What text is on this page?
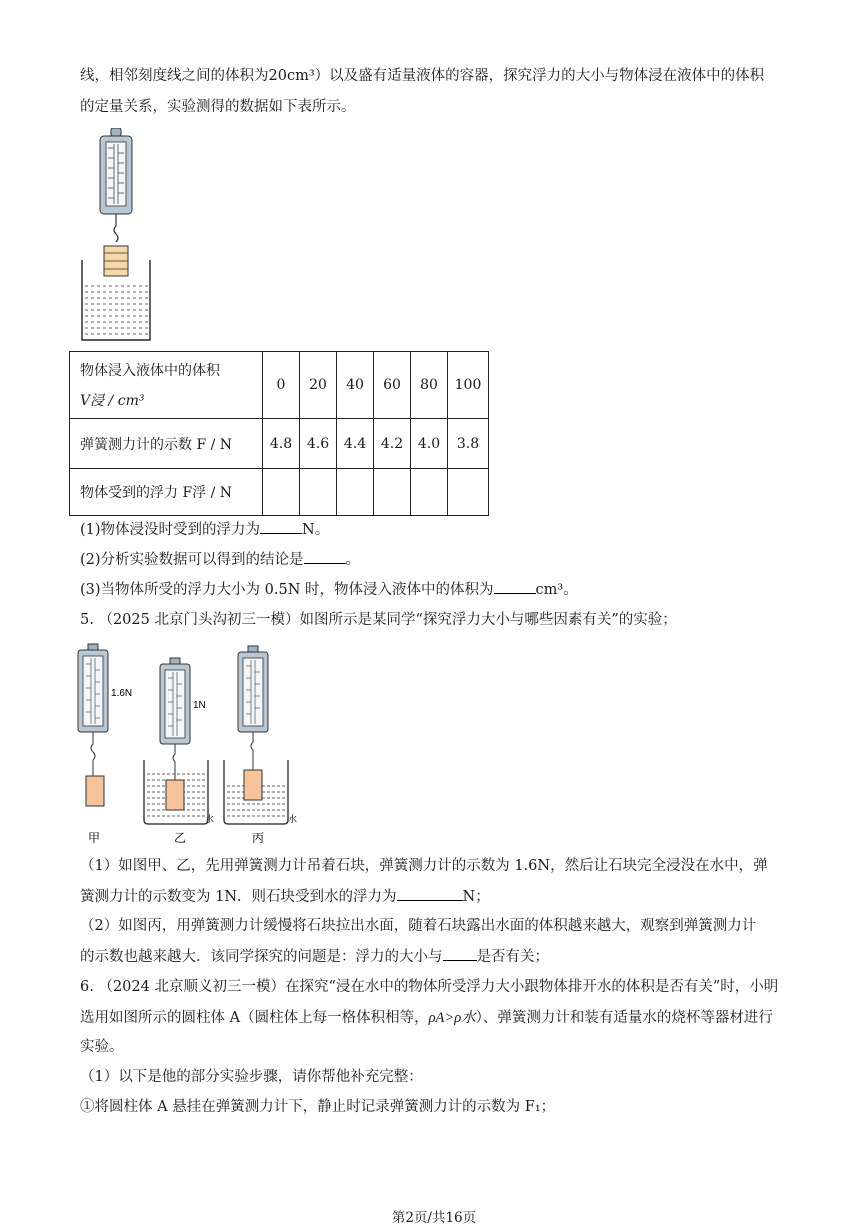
线，相邻刻度线之间的体积为20cm³）以及盛有适量液体的容器，探究浮力的大小与物体浸在液体中的体积
的定量关系，实验测得的数据如下表所示。
物体浸入液体中的体积
V浸 / cm³	0	20	40	60	80	100
弹簧测力计的示数 F / N	4.8	4.6	4.4	4.2	4.0	3.8
物体受到的浮力 F浮 / N						
(1)物体浸没时受到的浮力为	N。
(2)分析实验数据可以得到的结论是	。
(3)当物体所受的浮力大小为 0.5N 时，物体浸入液体中的体积为	cm³。
5. （2025 北京门头沟初三一模）如图所示是某同学“探究浮力大小与哪些因素有关”的实验；
1.6N
甲
1N
水
乙
水
丙
（1）如图甲、乙，先用弹簧测力计吊着石块，弹簧测力计的示数为 1.6N，然后让石块完全浸没在水中，弹
簧测力计的示数变为 1N．则石块受到水的浮力为	N；
（2）如图丙，用弹簧测力计缓慢将石块拉出水面，随着石块露出水面的体积越来越大，观察到弹簧测力计
的示数也越来越大．该同学探究的问题是：浮力的大小与 是否有关；
6. （2024 北京顺义初三一模）在探究“浸在水中的物体所受浮力大小跟物体排开水的体积是否有关”时，小明
选用如图所示的圆柱体 A（圆柱体上每一格体积相等，ρA>ρ水）、弹簧测力计和装有适量水的烧杯等器材进行
实验。
（1）以下是他的部分实验步骤，请你帮他补充完整：
①将圆柱体 A 悬挂在弹簧测力计下，静止时记录弹簧测力计的示数为 F₁；
第2页/共16页
